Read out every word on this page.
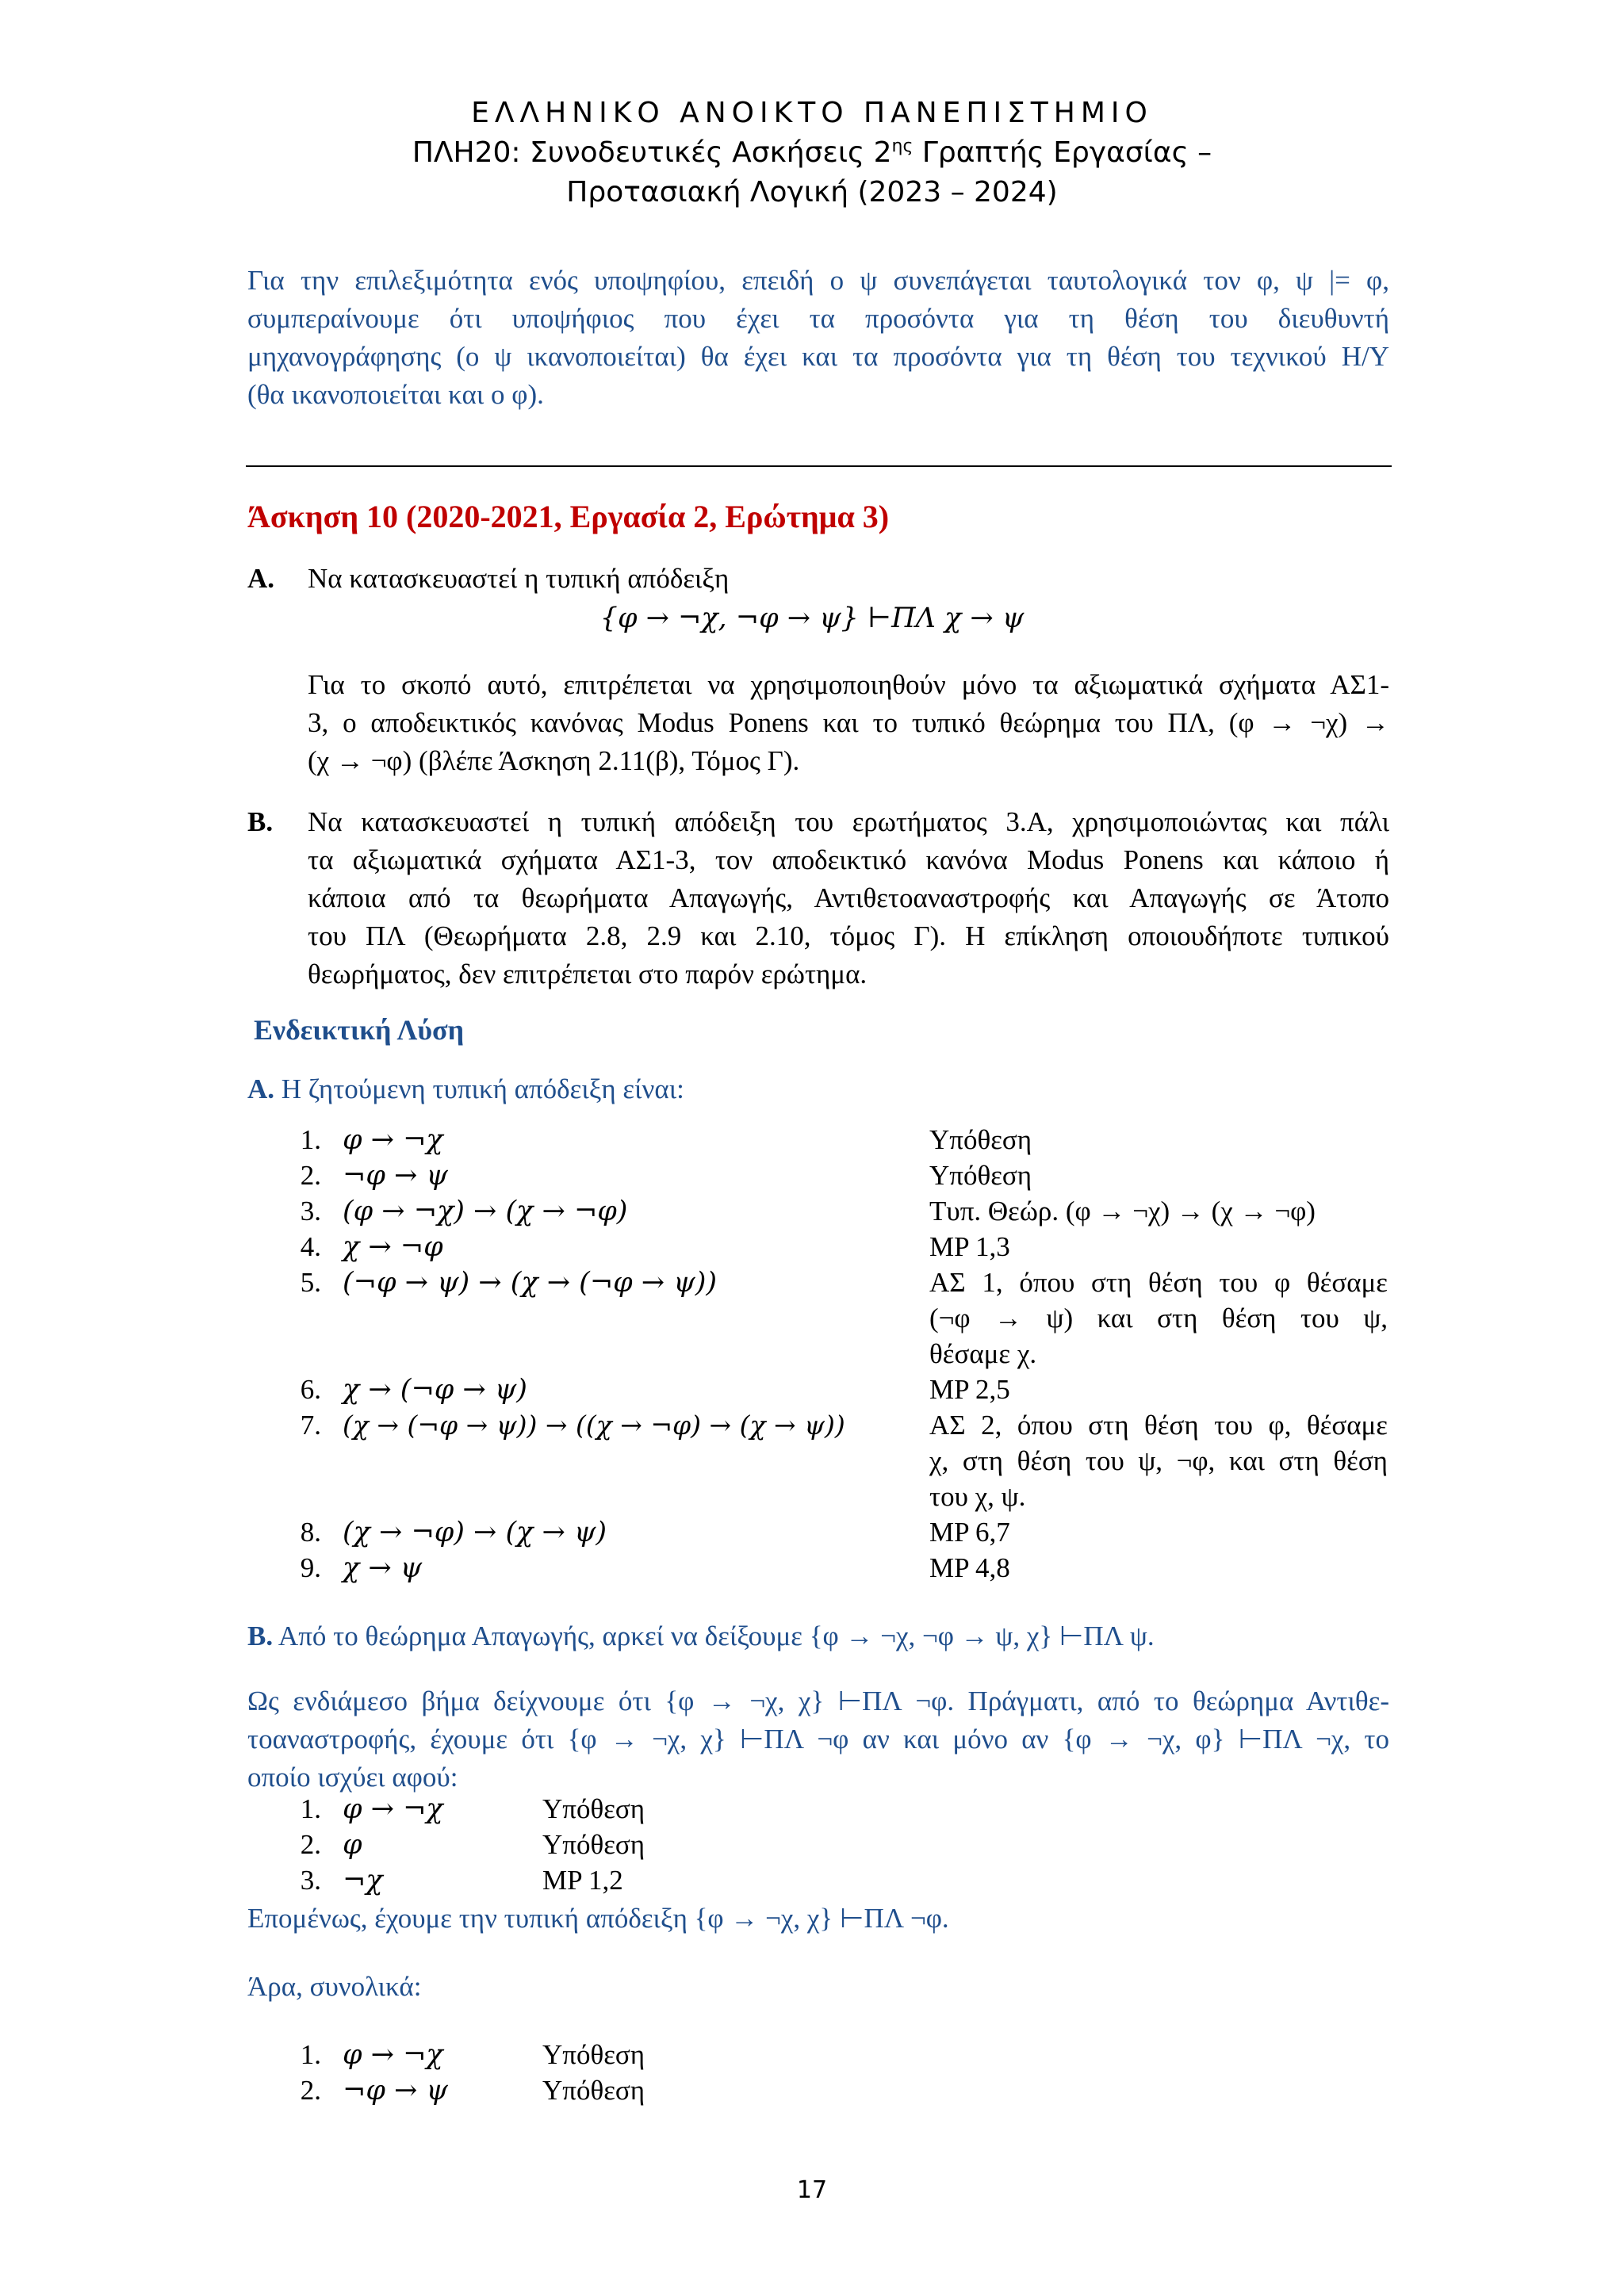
ΕΛΛΗΝΙΚΟ ΑΝΟΙΚΤΟ ΠΑΝΕΠΙΣΤΗΜΙΟ
ΠΛΗ20: Συνοδευτικές Ασκήσεις $2^{\eta\varsigma}$ Γραπτής Εργασίας –
Προτασιακή Λογική (2023 – 2024)
Για την επιλεξιμότητα ενός υποψηφίου, επειδή ο ψ συνεπάγεται ταυτολογικά τον φ, ψ |= φ,
συμπεραίνουμε ότι υποψήφιος που έχει τα προσόντα για τη θέση του διευθυντή
μηχανογράφησης (ο ψ ικανοποιείται) θα έχει και τα προσόντα για τη θέση του τεχνικού Η/Υ
(θα ικανοποιείται και ο φ).
Άσκηση 10 (2020-2021, Εργασία 2, Ερώτημα 3)
Α. Να κατασκευαστεί η τυπική απόδειξη
{φ → ¬χ, ¬φ → ψ} ⊢ΠΛ χ → ψ
Για το σκοπό αυτό, επιτρέπεται να χρησιμοποιηθούν μόνο τα αξιωματικά σχήματα ΑΣ1-
3, ο αποδεικτικός κανόνας Modus Ponens και το τυπικό θεώρημα του ΠΛ, (φ → ¬χ) →
(χ → ¬φ) (βλέπε Άσκηση 2.11(β), Τόμος Γ).
Β. Να κατασκευαστεί η τυπική απόδειξη του ερωτήματος 3.Α, χρησιμοποιώντας και πάλι
τα αξιωματικά σχήματα ΑΣ1-3, τον αποδεικτικό κανόνα Modus Ponens και κάποιο ή
κάποια από τα θεωρήματα Απαγωγής, Αντιθετοαναστροφής και Απαγωγής σε Άτοπο
του ΠΛ (Θεωρήματα 2.8, 2.9 και 2.10, τόμος Γ). Η επίκληση οποιουδήποτε τυπικού
θεωρήματος, δεν επιτρέπεται στο παρόν ερώτημα.
Ενδεικτική Λύση
Α. Η ζητούμενη τυπική απόδειξη είναι:
1. φ → ¬χ	Υπόθεση
2. ¬φ → ψ	Υπόθεση
3. (φ → ¬χ) → (χ → ¬φ)	Τυπ. Θεώρ. (φ → ¬χ) → (χ → ¬φ)
4. χ → ¬φ	MP 1,3
5. (¬φ → ψ) → (χ → (¬φ → ψ))	ΑΣ 1, όπου στη θέση του φ θέσαμε
(¬φ → ψ) και στη θέση του ψ,
θέσαμε χ.
6. χ → (¬φ → ψ)	MP 2,5
7. (χ → (¬φ → ψ)) → ((χ → ¬φ) → (χ → ψ))	ΑΣ 2, όπου στη θέση του φ, θέσαμε
χ, στη θέση του ψ, ¬φ, και στη θέση
του χ, ψ.
8. (χ → ¬φ) → (χ → ψ)	MP 6,7
9. χ → ψ	MP 4,8
Β. Από το θεώρημα Απαγωγής, αρκεί να δείξουμε {φ → ¬χ, ¬φ → ψ, χ} ⊢ΠΛ ψ.
Ως ενδιάμεσο βήμα δείχνουμε ότι {φ → ¬χ, χ} ⊢ΠΛ ¬φ. Πράγματι, από το θεώρημα Αντιθε-
τοαναστροφής, έχουμε ότι {φ → ¬χ, χ} ⊢ΠΛ ¬φ αν και μόνο αν {φ → ¬χ, φ} ⊢ΠΛ ¬χ, το
οποίο ισχύει αφού:
1. φ → ¬χ	Υπόθεση
2. φ	Υπόθεση
3. ¬χ	MP 1,2
Επομένως, έχουμε την τυπική απόδειξη {φ → ¬χ, χ} ⊢ΠΛ ¬φ.
Άρα, συνολικά:
1. φ → ¬χ	Υπόθεση
2. ¬φ → ψ	Υπόθεση
17
